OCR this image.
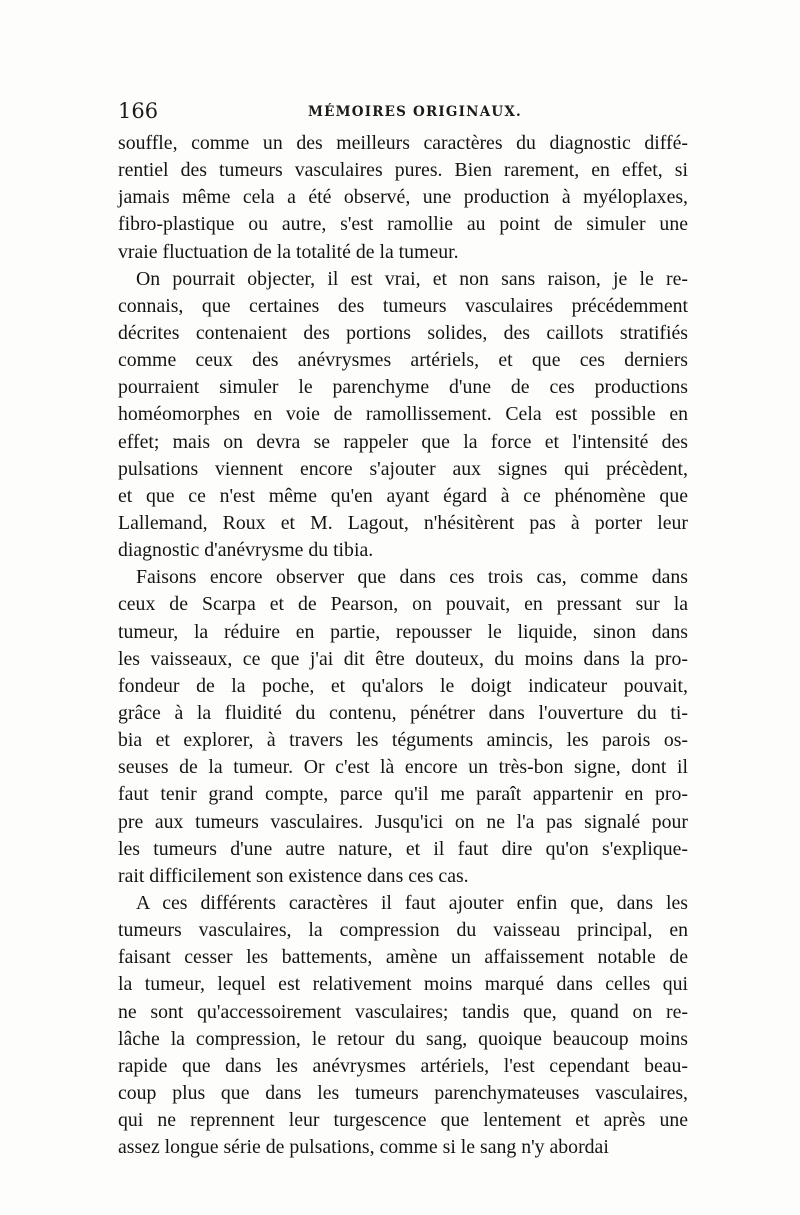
166	MÉMOIRES ORIGINAUX.
souffle, comme un des meilleurs caractères du diagnostic diffé-
rentiel des tumeurs vasculaires pures. Bien rarement, en effet, si
jamais même cela a été observé, une production à myéloplaxes,
fibro-plastique ou autre, s'est ramollie au point de simuler une
vraie fluctuation de la totalité de la tumeur.
On pourrait objecter, il est vrai, et non sans raison, je le re-
connais, que certaines des tumeurs vasculaires précédemment
décrites contenaient des portions solides, des caillots stratifiés
comme ceux des anévrysmes artériels, et que ces derniers
pourraient simuler le parenchyme d'une de ces productions
homéomorphes en voie de ramollissement. Cela est possible en
effet; mais on devra se rappeler que la force et l'intensité des
pulsations viennent encore s'ajouter aux signes qui précèdent,
et que ce n'est même qu'en ayant égard à ce phénomène que
Lallemand, Roux et M. Lagout, n'hésitèrent pas à porter leur
diagnostic d'anévrysme du tibia.
Faisons encore observer que dans ces trois cas, comme dans
ceux de Scarpa et de Pearson, on pouvait, en pressant sur la
tumeur, la réduire en partie, repousser le liquide, sinon dans
les vaisseaux, ce que j'ai dit être douteux, du moins dans la pro-
fondeur de la poche, et qu'alors le doigt indicateur pouvait,
grâce à la fluidité du contenu, pénétrer dans l'ouverture du ti-
bia et explorer, à travers les téguments amincis, les parois os-
seuses de la tumeur. Or c'est là encore un très-bon signe, dont il
faut tenir grand compte, parce qu'il me paraît appartenir en pro-
pre aux tumeurs vasculaires. Jusqu'ici on ne l'a pas signalé pour
les tumeurs d'une autre nature, et il faut dire qu'on s'explique-
rait difficilement son existence dans ces cas.
A ces différents caractères il faut ajouter enfin que, dans les
tumeurs vasculaires, la compression du vaisseau principal, en
faisant cesser les battements, amène un affaissement notable de
la tumeur, lequel est relativement moins marqué dans celles qui
ne sont qu'accessoirement vasculaires; tandis que, quand on re-
lâche la compression, le retour du sang, quoique beaucoup moins
rapide que dans les anévrysmes artériels, l'est cependant beau-
coup plus que dans les tumeurs parenchymateuses vasculaires,
qui ne reprennent leur turgescence que lentement et après une
assez longue série de pulsations, comme si le sang n'y abordai
